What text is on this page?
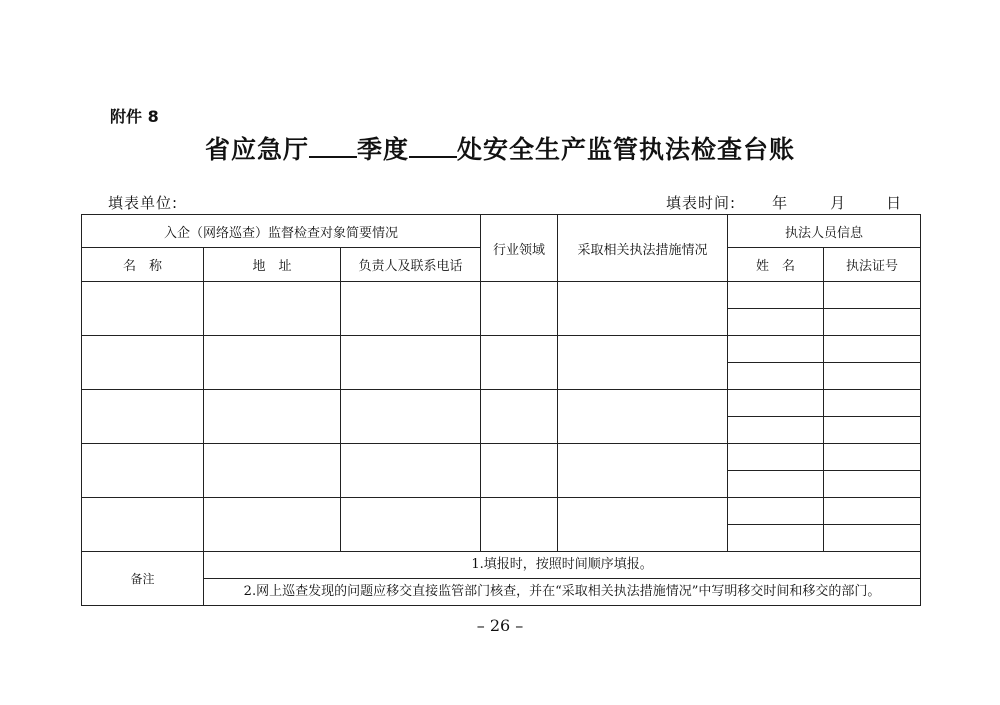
附件 8
省应急厅 季度 处安全生产监管执法检查台账
填表单位:	填表时间: 年	月	日
入企（网络巡查）监督检查对象简要情况			行业领域	采取相关执法措施情况	执法人员信息	
名　称	地　址	负责人及联系电话			姓　名	执法证号

备注	1.填报时，按照时间顺序填报。					
	2.网上巡查发现的问题应移交直接监管部门核查，并在“采取相关执法措施情况”中写明移交时间和移交的部门。					
– 26 –
